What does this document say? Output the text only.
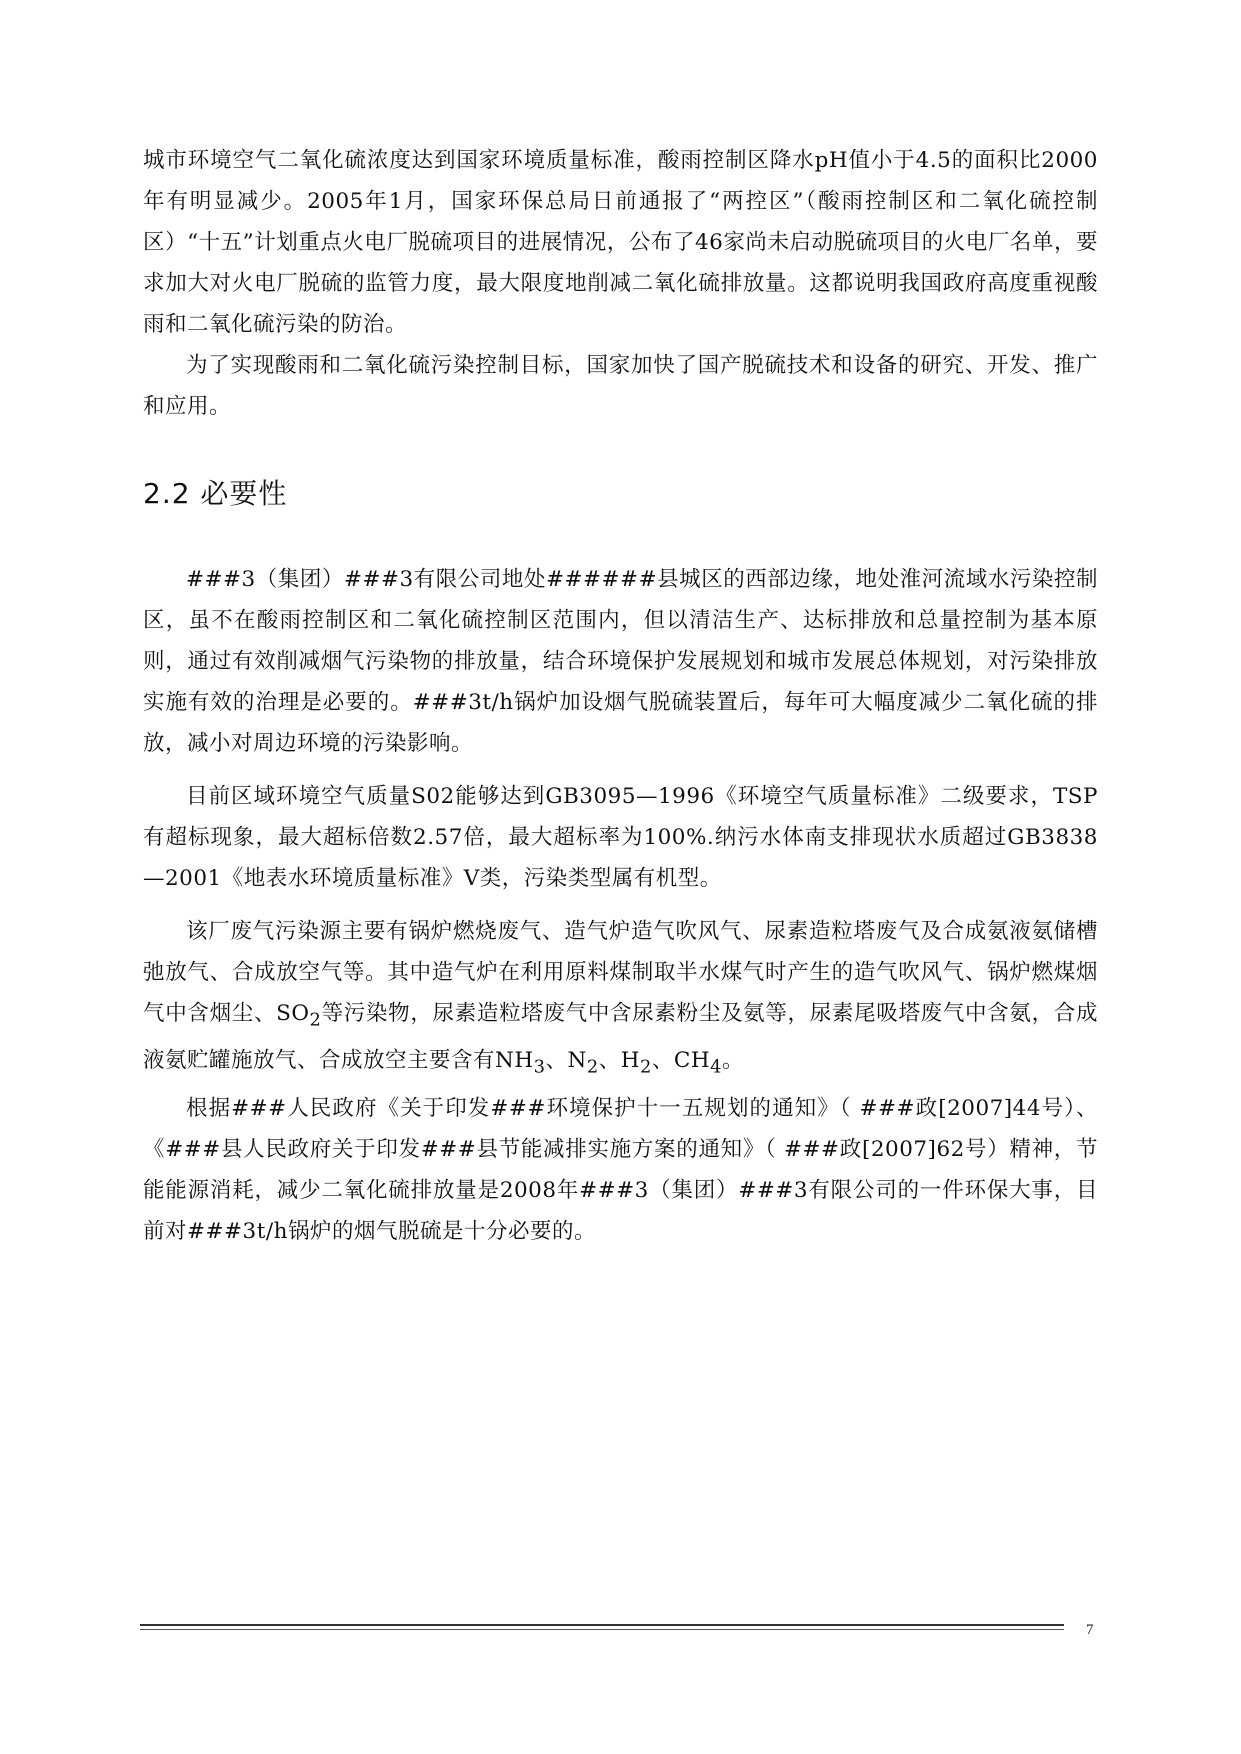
城市环境空气二氧化硫浓度达到国家环境质量标准，酸雨控制区降水pH值小于4.5的面积比2000年有明显减少。2005年1月，国家环保总局日前通报了“两控区”（酸雨控制区和二氧化硫控制区）“十五”计划重点火电厂脱硫项目的进展情况，公布了46家尚未启动脱硫项目的火电厂名单，要求加大对火电厂脱硫的监管力度，最大限度地削减二氧化硫排放量。这都说明我国政府高度重视酸雨和二氧化硫污染的防治。

为了实现酸雨和二氧化硫污染控制目标，国家加快了国产脱硫技术和设备的研究、开发、推广和应用。

2.2 必要性

###3（集团）###3有限公司地处######县城区的西部边缘，地处淮河流域水污染控制区，虽不在酸雨控制区和二氧化硫控制区范围内，但以清洁生产、达标排放和总量控制为基本原则，通过有效削减烟气污染物的排放量，结合环境保护发展规划和城市发展总体规划，对污染排放实施有效的治理是必要的。###3t/h锅炉加设烟气脱硫装置后，每年可大幅度减少二氧化硫的排放，减小对周边环境的污染影响。

目前区域环境空气质量S02能够达到GB3095—1996《环境空气质量标准》二级要求，TSP有超标现象，最大超标倍数2.57倍，最大超标率为100%.纳污水体南支排现状水质超过GB3838—2001《地表水环境质量标准》V类，污染类型属有机型。

该厂废气污染源主要有锅炉燃烧废气、造气炉造气吹风气、尿素造粒塔废气及合成氨液氨储槽弛放气、合成放空气等。其中造气炉在利用原料煤制取半水煤气时产生的造气吹风气、锅炉燃煤烟气中含烟尘、$SO_2$等污染物，尿素造粒塔废气中含尿素粉尘及氨等，尿素尾吸塔废气中含氨，合成液氨贮罐施放气、合成放空主要含有$NH_3$、$N_2$、$H_2$、$CH_4$。

根据###人民政府《关于印发###环境保护十一五规划的通知》（ ###政[2007]44号）、《###县人民政府关于印发###县节能减排实施方案的通知》（ ###政[2007]62号）精神，节能能源消耗，减少二氧化硫排放量是2008年###3（集团）###3有限公司的一件环保大事，目前对###3t/h锅炉的烟气脱硫是十分必要的。

7
